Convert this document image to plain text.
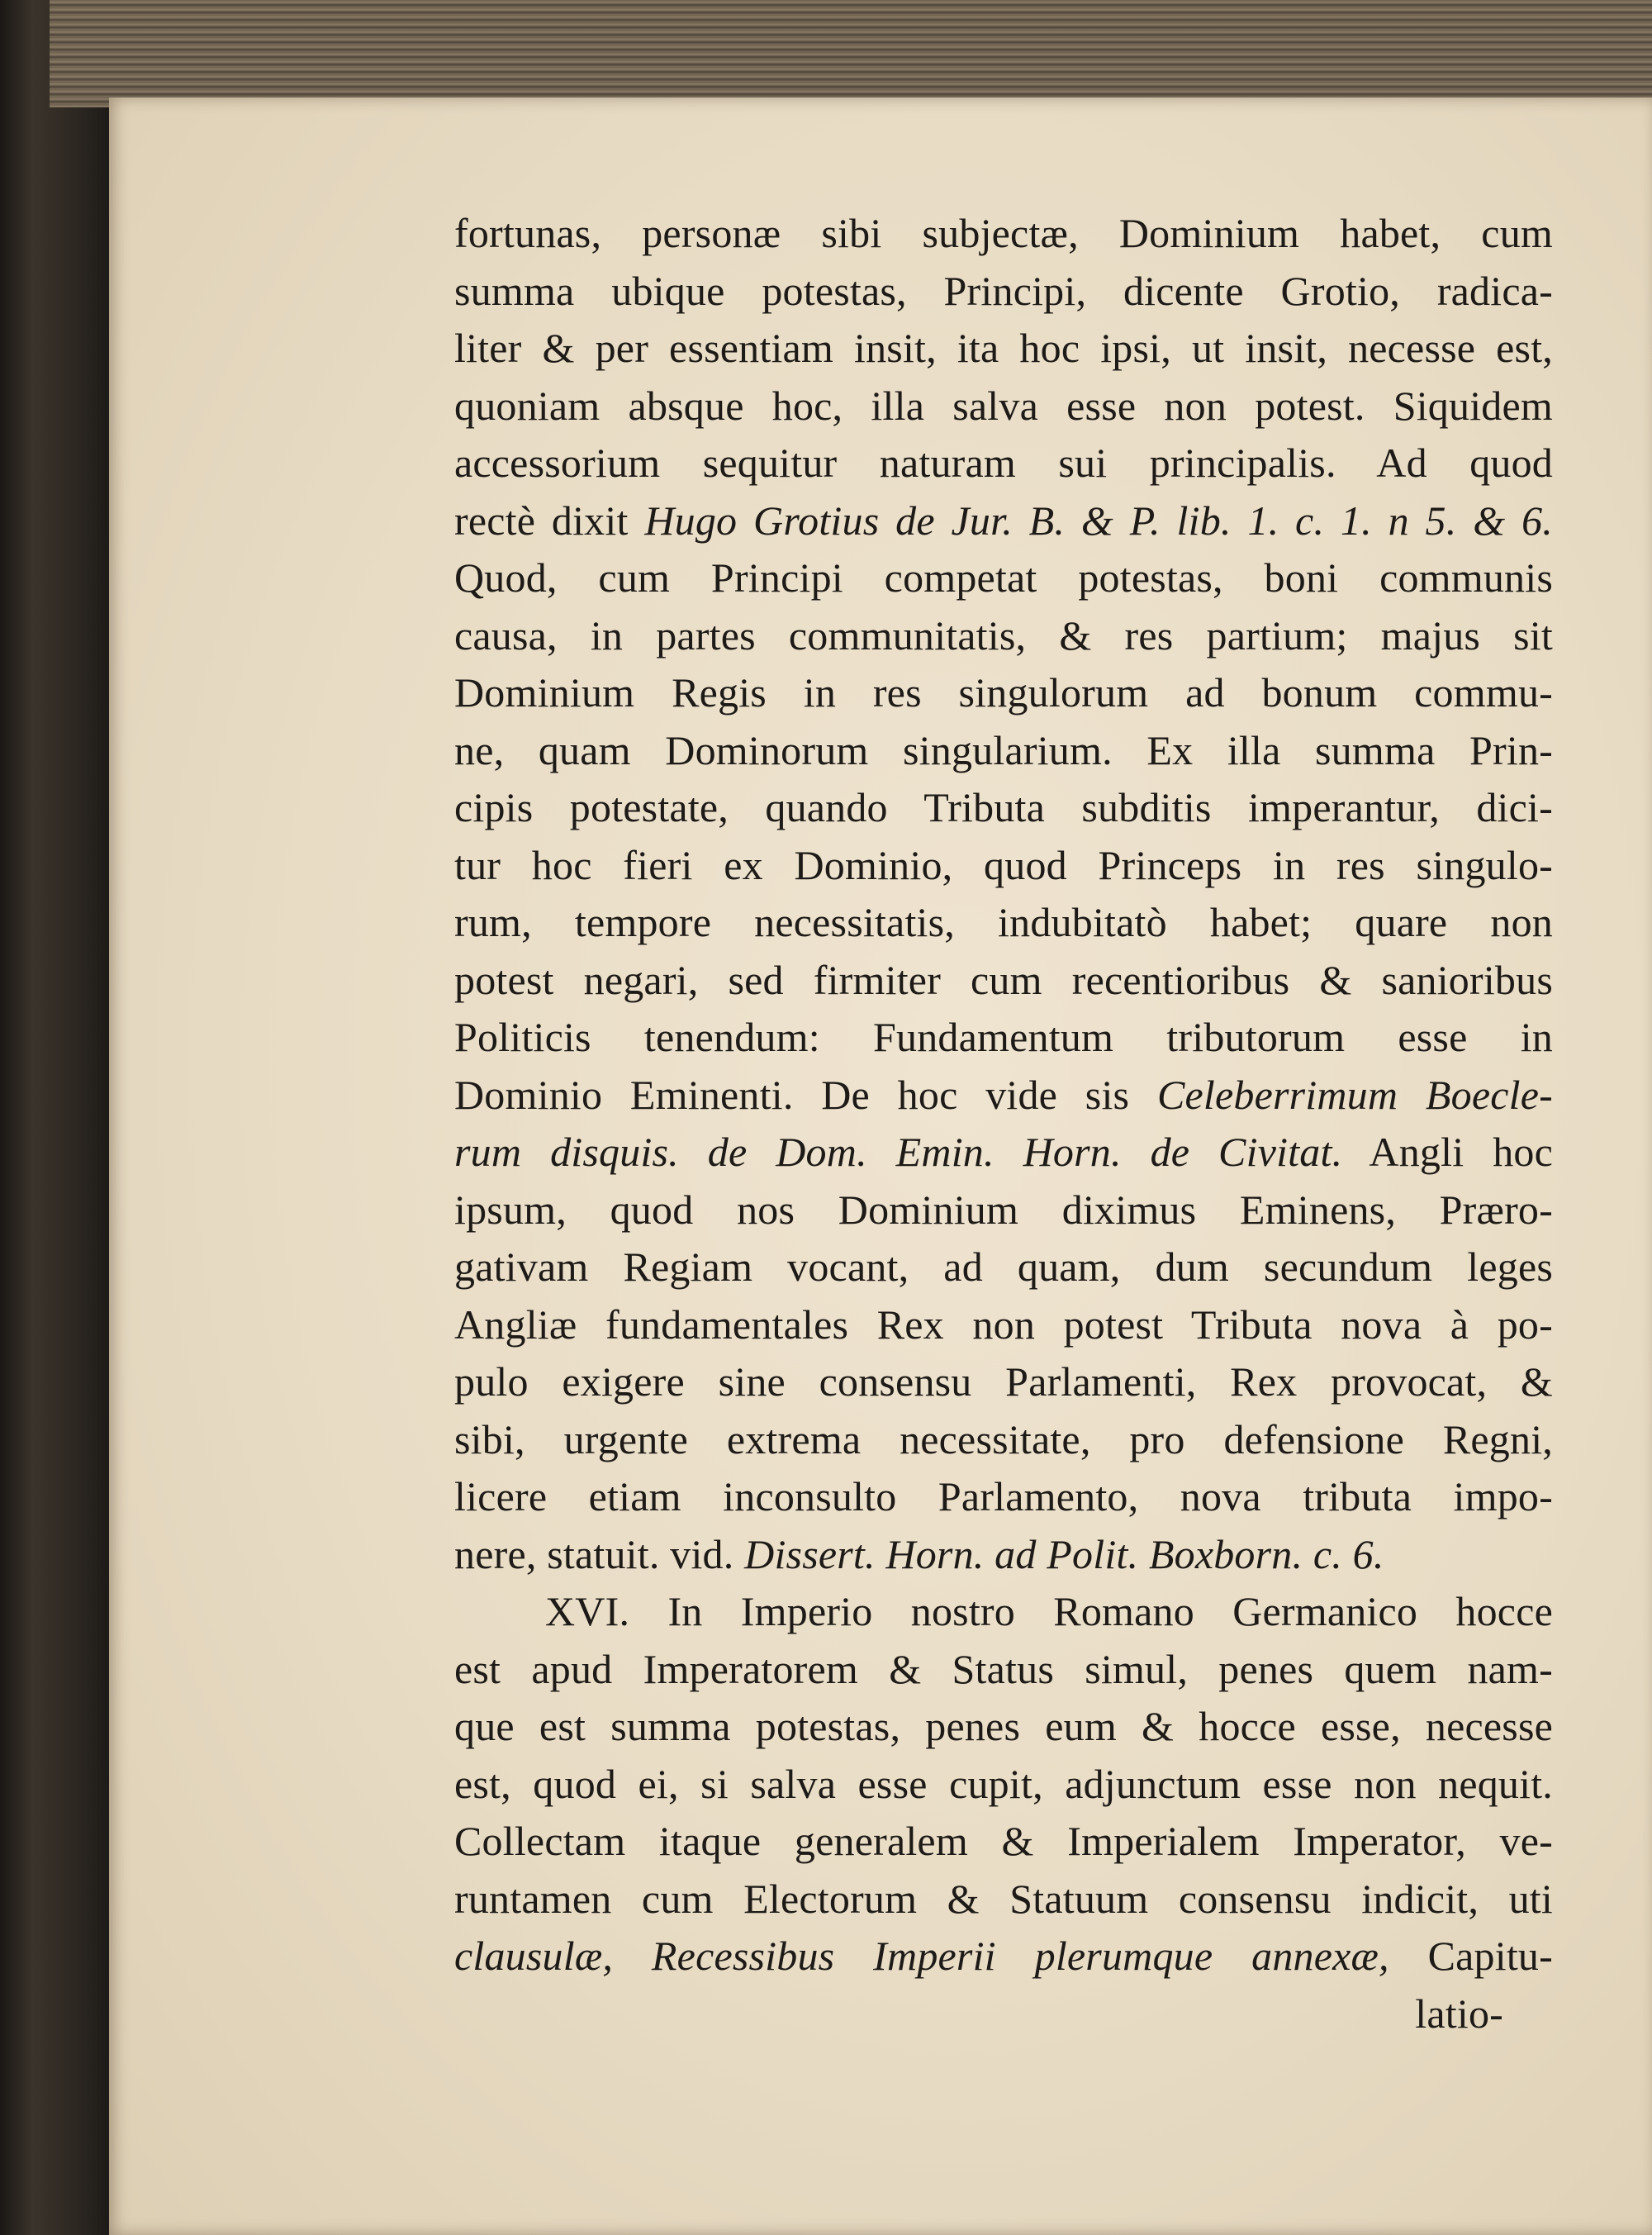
fortunas, personæ sibi subjectæ, Dominium habet, cum
summa ubique potestas, Principi, dicente Grotio, radica-
liter & per essentiam insit, ita hoc ipsi, ut insit, necesse est,
quoniam absque hoc, illa salva esse non potest. Siquidem
accessorium sequitur naturam sui principalis. Ad quod
rectè dixit Hugo Grotius de Jur. B. & P. lib. 1. c. 1. n 5. & 6.
Quod, cum Principi competat potestas, boni communis
causa, in partes communitatis, & res partium; majus sit
Dominium Regis in res singulorum ad bonum commu-
ne, quam Dominorum singularium. Ex illa summa Prin-
cipis potestate, quando Tributa subditis imperantur, dici-
tur hoc fieri ex Dominio, quod Princeps in res singulo-
rum, tempore necessitatis, indubitatò habet; quare non
potest negari, sed firmiter cum recentioribus & sanioribus
Politicis tenendum: Fundamentum tributorum esse in
Dominio Eminenti. De hoc vide sis Celeberrimum Boecle-
rum disquis. de Dom. Emin. Horn. de Civitat. Angli hoc
ipsum, quod nos Dominium diximus Eminens, Præro-
gativam Regiam vocant, ad quam, dum secundum leges
Angliæ fundamentales Rex non potest Tributa nova à po-
pulo exigere sine consensu Parlamenti, Rex provocat, &
sibi, urgente extrema necessitate, pro defensione Regni,
licere etiam inconsulto Parlamento, nova tributa impo-
nere, statuit. vid. Dissert. Horn. ad Polit. Boxborn. c. 6.
XVI. In Imperio nostro Romano Germanico hocce
est apud Imperatorem & Status simul, penes quem nam-
que est summa potestas, penes eum & hocce esse, necesse
est, quod ei, si salva esse cupit, adjunctum esse non nequit.
Collectam itaque generalem & Imperialem Imperator, ve-
runtamen cum Electorum & Statuum consensu indicit, uti
clausulæ, Recessibus Imperii plerumque annexæ, Capitu-
latio-
